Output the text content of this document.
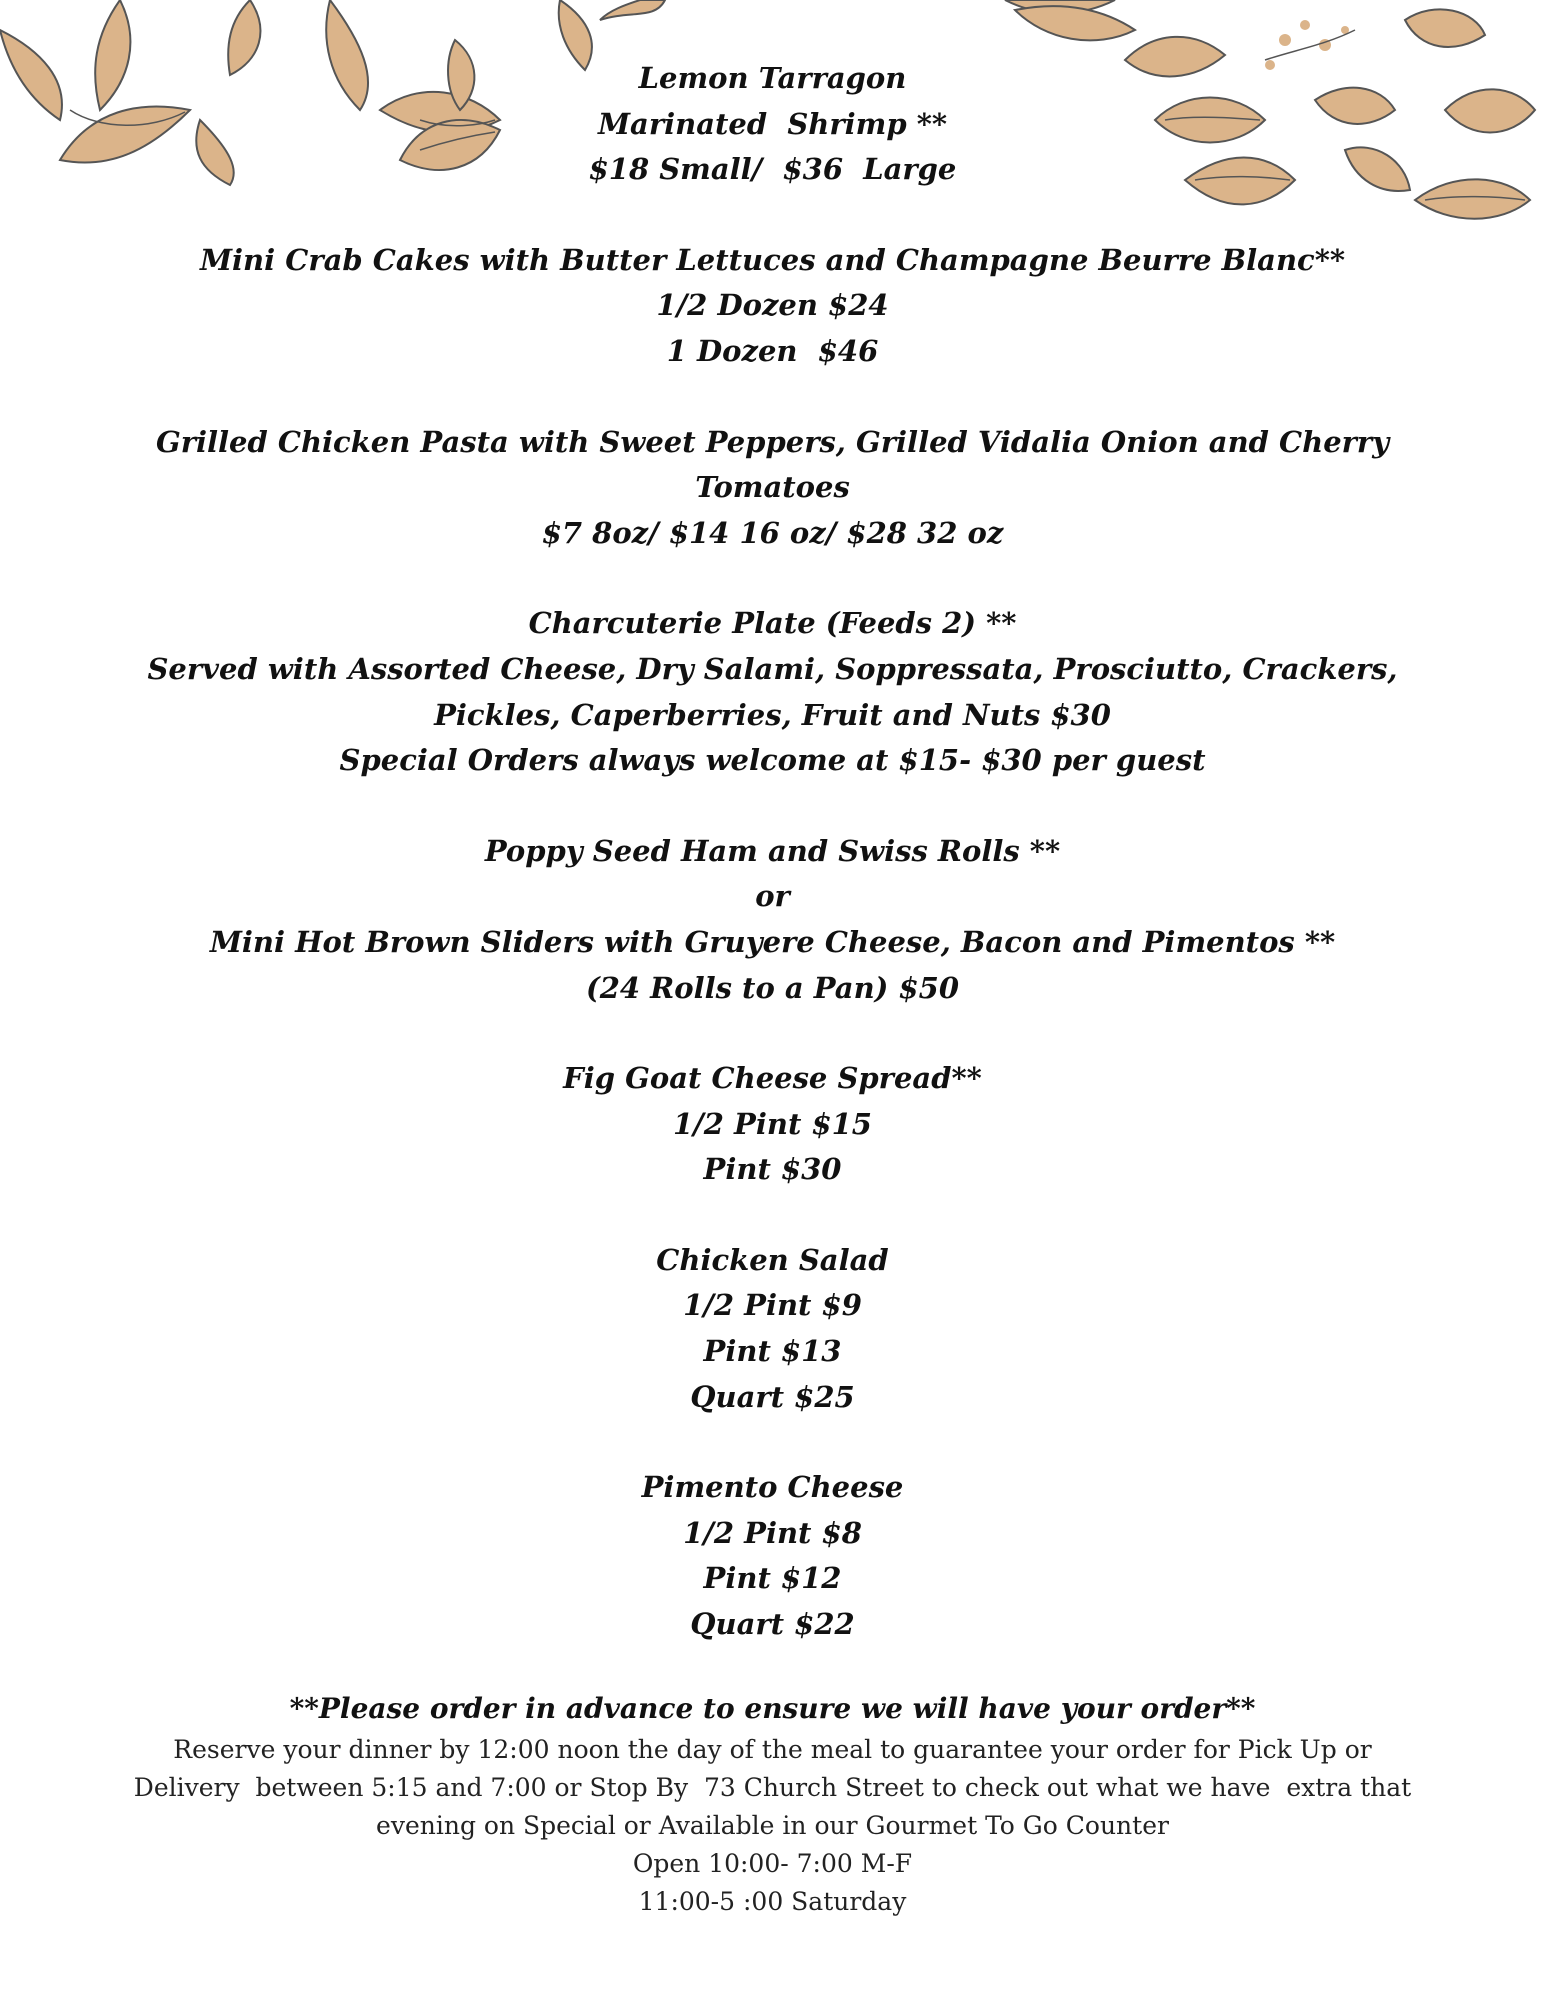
Lemon Tarragon
Marinated  Shrimp **
$18 Small/  $36  Large
Mini Crab Cakes with Butter Lettuces and Champagne Beurre Blanc**
1/2 Dozen $24
1 Dozen  $46
Grilled Chicken Pasta with Sweet Peppers, Grilled Vidalia Onion and Cherry
Tomatoes
$7 8oz/ $14 16 oz/ $28 32 oz
Charcuterie Plate (Feeds 2) **
Served with Assorted Cheese, Dry Salami, Soppressata, Prosciutto, Crackers,
Pickles, Caperberries, Fruit and Nuts $30
Special Orders always welcome at $15- $30 per guest
Poppy Seed Ham and Swiss Rolls **
or
Mini Hot Brown Sliders with Gruyere Cheese, Bacon and Pimentos **
(24 Rolls to a Pan) $50
Fig Goat Cheese Spread**
1/2 Pint $15
Pint $30
Chicken Salad
1/2 Pint $9
Pint $13
Quart $25
Pimento Cheese
1/2 Pint $8
Pint $12
Quart $22
**Please order in advance to ensure we will have your order**
Reserve your dinner by 12:00 noon the day of the meal to guarantee your order for Pick Up or
Delivery  between 5:15 and 7:00 or Stop By  73 Church Street to check out what we have  extra that
evening on Special or Available in our Gourmet To Go Counter
Open 10:00- 7:00 M-F
11:00-5 :00 Saturday
